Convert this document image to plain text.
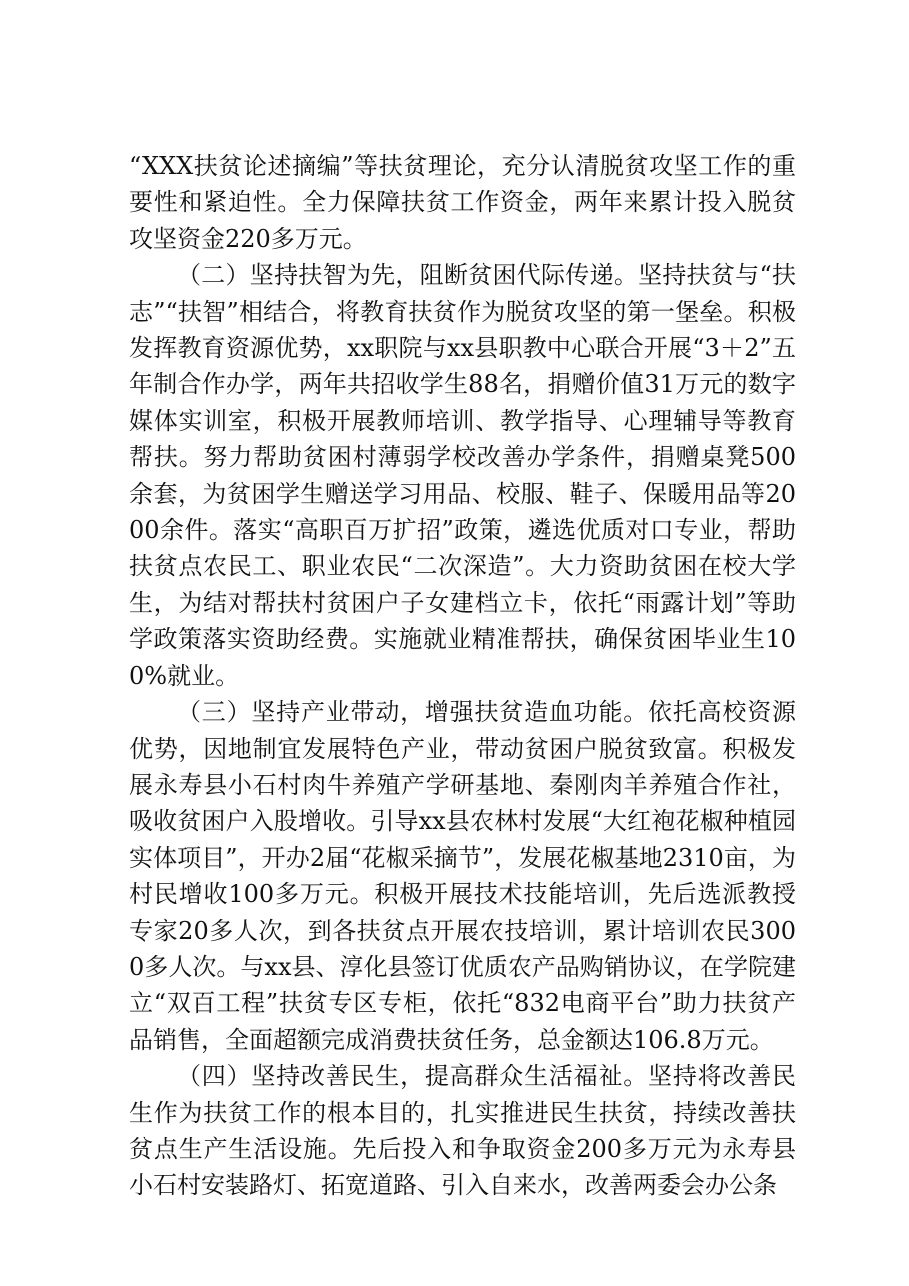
“XXX扶贫论述摘编”等扶贫理论，充分认清脱贫攻坚工作的重要性和紧迫性。全力保障扶贫工作资金，两年来累计投入脱贫攻坚资金220多万元。

（二）坚持扶智为先，阻断贫困代际传递。坚持扶贫与“扶志”“扶智”相结合，将教育扶贫作为脱贫攻坚的第一堡垒。积极发挥教育资源优势，xx职院与xx县职教中心联合开展“3＋2”五年制合作办学，两年共招收学生88名，捐赠价值31万元的数字媒体实训室，积极开展教师培训、教学指导、心理辅导等教育帮扶。努力帮助贫困村薄弱学校改善办学条件，捐赠桌凳500余套，为贫困学生赠送学习用品、校服、鞋子、保暖用品等2000余件。落实“高职百万扩招”政策，遴选优质对口专业，帮助扶贫点农民工、职业农民“二次深造”。大力资助贫困在校大学生，为结对帮扶村贫困户子女建档立卡，依托“雨露计划”等助学政策落实资助经费。实施就业精准帮扶，确保贫困毕业生100%就业。

（三）坚持产业带动，增强扶贫造血功能。依托高校资源优势，因地制宜发展特色产业，带动贫困户脱贫致富。积极发展永寿县小石村肉牛养殖产学研基地、秦刚肉羊养殖合作社，吸收贫困户入股增收。引导xx县农林村发展“大红袍花椒种植园实体项目”，开办2届“花椒采摘节”，发展花椒基地2310亩，为村民增收100多万元。积极开展技术技能培训，先后选派教授专家20多人次，到各扶贫点开展农技培训，累计培训农民3000多人次。与xx县、淳化县签订优质农产品购销协议，在学院建立“双百工程”扶贫专区专柜，依托“832电商平台”助力扶贫产品销售，全面超额完成消费扶贫任务，总金额达106.8万元。

（四）坚持改善民生，提高群众生活福祉。坚持将改善民生作为扶贫工作的根本目的，扎实推进民生扶贫，持续改善扶贫点生产生活设施。先后投入和争取资金200多万元为永寿县小石村安装路灯、拓宽道路、引入自来水，改善两委会办公条
